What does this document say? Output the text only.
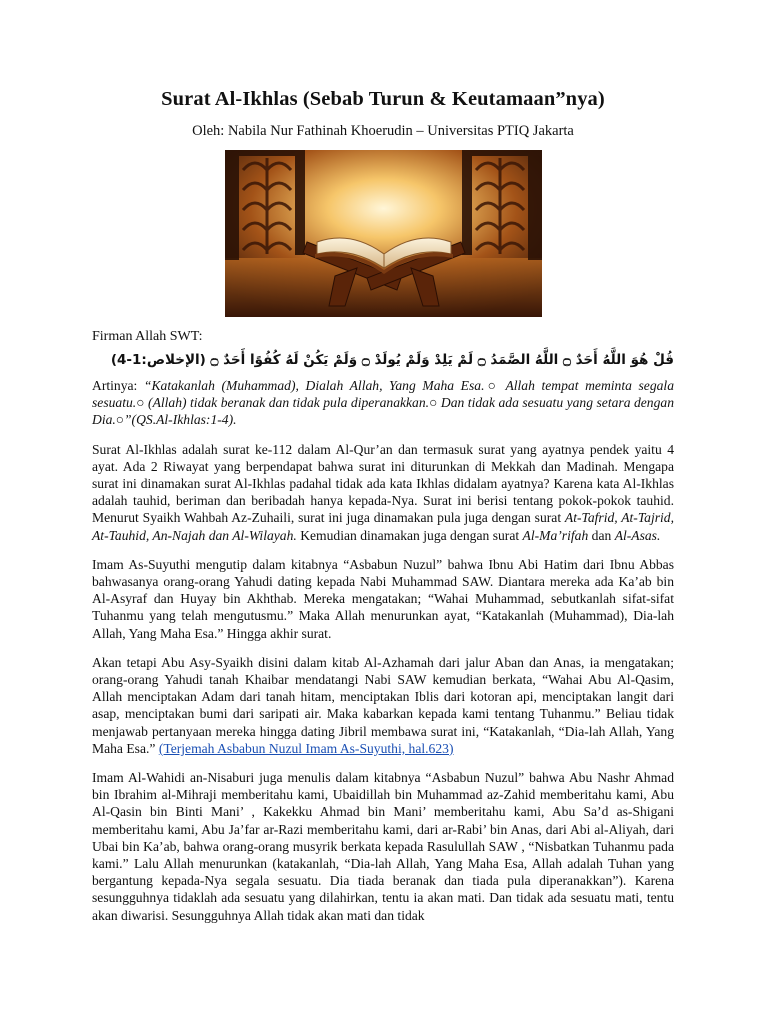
Surat Al-Ikhlas (Sebab Turun & Keutamaan”nya)
Oleh: Nabila Nur Fathinah Khoerudin – Universitas PTIQ Jakarta
Firman Allah SWT:
قُلْ هُوَ اللَّهُ أَحَدٌ ۝ اللَّهُ الصَّمَدُ ۝ لَمْ يَلِدْ وَلَمْ يُولَدْ ۝ وَلَمْ يَكُنْ لَهُ كُفُوًا أَحَدٌ ۝ (الإخلاص:1-4)

Artinya: “Katakanlah (Muhammad), Dialah Allah, Yang Maha Esa.○ Allah tempat meminta segala sesuatu.○ (Allah) tidak beranak dan tidak pula diperanakkan.○ Dan tidak ada sesuatu yang setara dengan Dia.○”(QS.Al-Ikhlas:1-4).

Surat Al-Ikhlas adalah surat ke-112 dalam Al-Qur’an dan termasuk surat yang ayatnya pendek yaitu 4 ayat. Ada 2 Riwayat yang berpendapat bahwa surat ini diturunkan di Mekkah dan Madinah. Mengapa surat ini dinamakan surat Al-Ikhlas padahal tidak ada kata Ikhlas didalam ayatnya? Karena kata Al-Ikhlas adalah tauhid, beriman dan beribadah hanya kepada-Nya. Surat ini berisi tentang pokok-pokok tauhid. Menurut Syaikh Wahbah Az-Zuhaili, surat ini juga dinamakan pula juga dengan surat At-Tafrid, At-Tajrid, At-Tauhid, An-Najah dan Al-Wilayah. Kemudian dinamakan juga dengan surat Al-Ma’rifah dan Al-Asas.

Imam As-Suyuthi mengutip dalam kitabnya “Asbabun Nuzul” bahwa Ibnu Abi Hatim dari Ibnu Abbas bahwasanya orang-orang Yahudi dating kepada Nabi Muhammad SAW. Diantara mereka ada Ka’ab bin Al-Asyraf dan Huyay bin Akhthab. Mereka mengatakan; “Wahai Muhammad, sebutkanlah sifat-sifat Tuhanmu yang telah mengutusmu.” Maka Allah menurunkan ayat, “Katakanlah (Muhammad), Dia-lah Allah, Yang Maha Esa.” Hingga akhir surat.

Akan tetapi Abu Asy-Syaikh disini dalam kitab Al-Azhamah dari jalur Aban dan Anas, ia mengatakan; orang-orang Yahudi tanah Khaibar mendatangi Nabi SAW kemudian berkata, “Wahai Abu Al-Qasim, Allah menciptakan Adam dari tanah hitam, menciptakan Iblis dari kotoran api, menciptakan langit dari asap, menciptakan bumi dari saripati air. Maka kabarkan kepada kami tentang Tuhanmu.” Beliau tidak menjawab pertanyaan mereka hingga dating Jibril membawa surat ini, “Katakanlah, “Dia-lah Allah, Yang Maha Esa.” (Terjemah Asbabun Nuzul Imam As-Suyuthi, hal.623)

Imam Al-Wahidi an-Nisaburi juga menulis dalam kitabnya “Asbabun Nuzul” bahwa Abu Nashr Ahmad bin Ibrahim al-Mihraji memberitahu kami, Ubaidillah bin Muhammad az-Zahid memberitahu kami, Abu Al-Qasin bin Binti Mani’ , Kakekku Ahmad bin Mani’ memberitahu kami, Abu Sa’d as-Shigani memberitahu kami, Abu Ja’far ar-Razi memberitahu kami, dari ar-Rabi’ bin Anas, dari Abi al-Aliyah, dari Ubai bin Ka’ab, bahwa orang-orang musyrik berkata kepada Rasulullah SAW , “Nisbatkan Tuhanmu pada kami.” Lalu Allah menurunkan (katakanlah, “Dia-lah Allah, Yang Maha Esa, Allah adalah Tuhan yang bergantung kepada-Nya segala sesuatu. Dia tiada beranak dan tiada pula diperanakkan”). Karena sesungguhnya tidaklah ada sesuatu yang dilahirkan, tentu ia akan mati. Dan tidak ada sesuatu mati, tentu akan diwarisi. Sesungguhnya Allah tidak akan mati dan tidak
